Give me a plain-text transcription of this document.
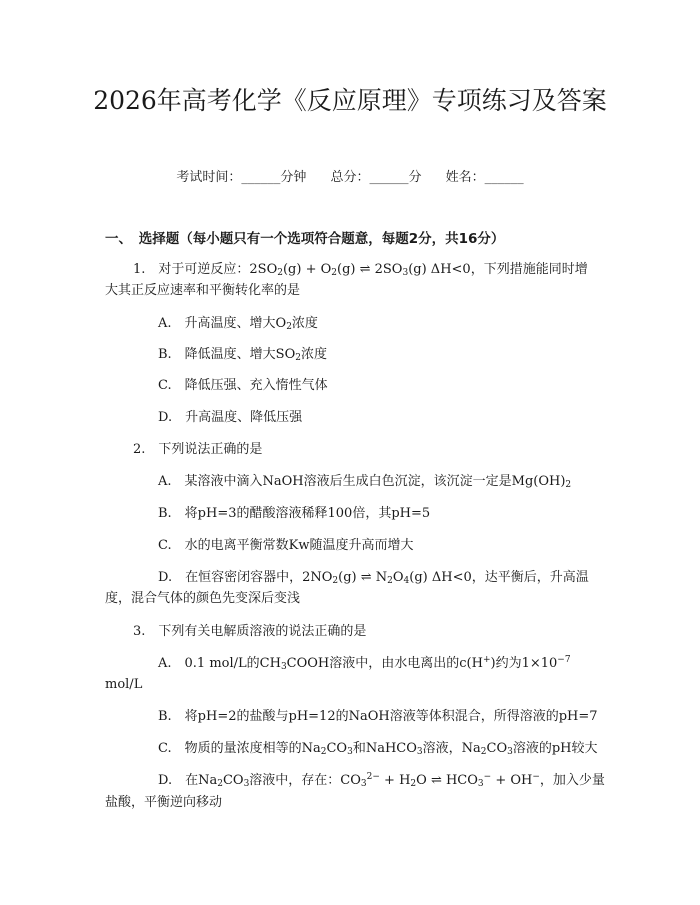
2026年高考化学《反应原理》专项练习及答案
考试时间：______分钟 总分：______分 姓名：______
一、　选择题（每小题只有一个选项符合题意，每题2分，共16分）
1.　对于可逆反应：$2SO_2(g) + O_2(g)$ ⇌ $2SO_3(g)$ ΔH<0，下列措施能同时增
大其正反应速率和平衡转化率的是
A.　升高温度、增大$O_2$浓度
B.　降低温度、增大$SO_2$浓度
C.　降低压强、充入惰性气体
D.　升高温度、降低压强
2.　下列说法正确的是
A.　某溶液中滴入NaOH溶液后生成白色沉淀，该沉淀一定是$Mg(OH)_2$
B.　将pH=3的醋酸溶液稀释100倍，其pH=5
C.　水的电离平衡常数Kw随温度升高而增大
D.　在恒容密闭容器中，$2NO_2(g)$ ⇌ $N_2O_4(g)$ ΔH<0，达平衡后，升高温
度，混合气体的颜色先变深后变浅
3.　下列有关电解质溶液的说法正确的是
A.　0.1 mol/L的$CH_3COOH$溶液中，由水电离出的c(H+)约为$1\times 10^{-7}$
mol/L
B.　将pH=2的盐酸与pH=12的NaOH溶液等体积混合，所得溶液的pH=7
C.　物质的量浓度相等的$Na_2CO_3$和NaHCO$_3$溶液，$Na_2CO_3$溶液的pH较大
D.　在$Na_2CO_3$溶液中，存在：$CO_3^{2-} + H_2O$ ⇌ $HCO_3^- + OH^-$，加入少量
盐酸，平衡逆向移动
